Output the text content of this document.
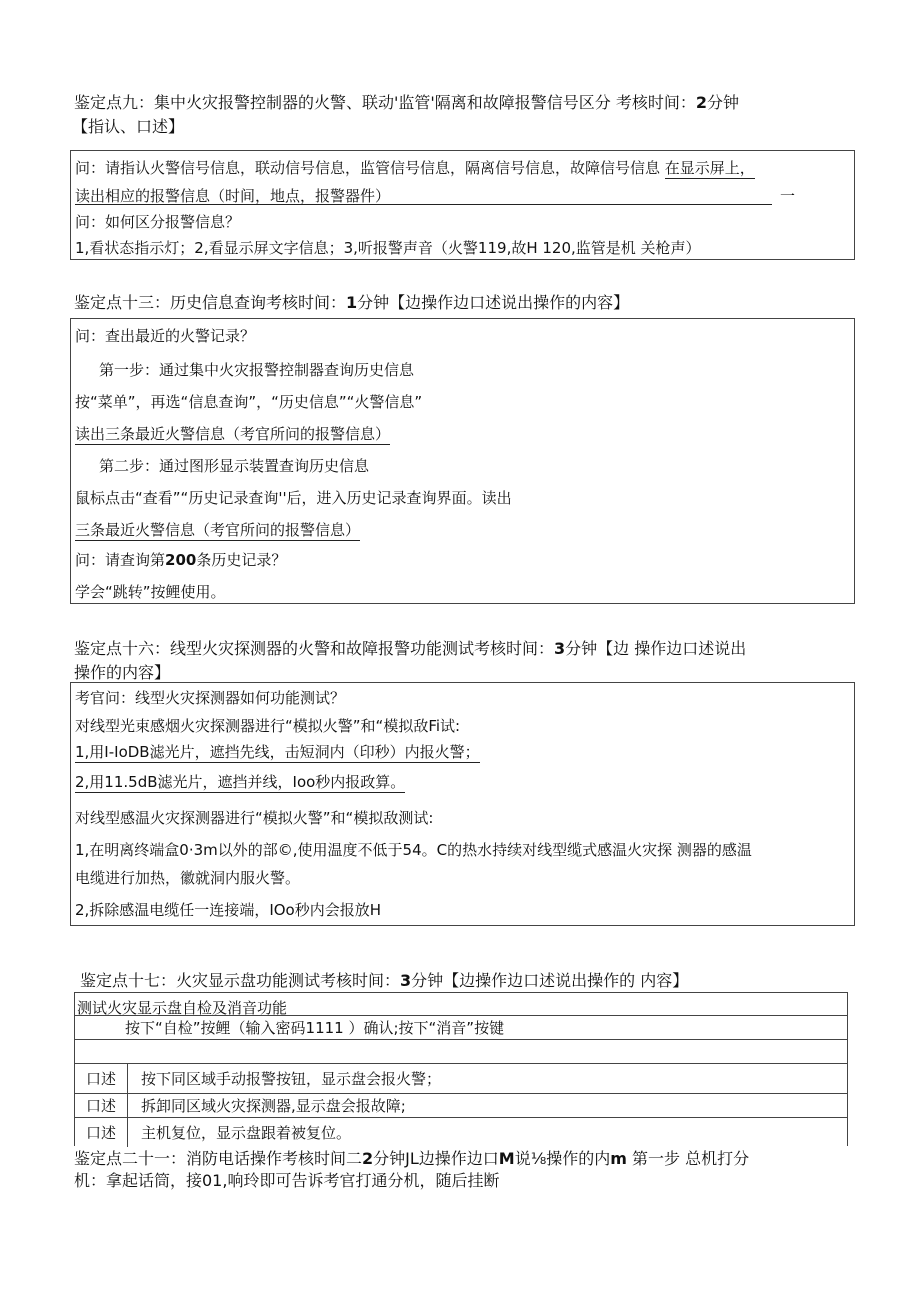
鉴定点九：集中火灾报警控制器的火警、联动'监管'隔离和故障报警信号区分 考核时间：2分钟
【指认、口述】
问：请指认火警信号信息，联动信号信息，监管信号信息，隔离信号信息，故障信号信息 在显示屏上，
读出相应的报警信息（时间，地点，报警器件）	一
问：如何区分报警信息？
1,看状态指示灯；2,看显示屏文字信息；3,听报警声音（火警119,故H 120,监管是机 关枪声）
鉴定点十三：历史信息查询考核时间：1分钟【边操作边口述说出操作的内容】
问：查出最近的火警记录？
第一步：通过集中火灾报警控制器查询历史信息
按“菜单”，再选“信息查询”，“历史信息”“火警信息”
读出三条最近火警信息（考官所问的报警信息）
第二步：通过图形显示装置查询历史信息
鼠标点击“查看”“历史记录查询''后，进入历史记录查询界面。读出
三条最近火警信息（考官所问的报警信息）
问：请查询第200条历史记录？
学会“跳转”按鲤使用。
鉴定点十六：线型火灾探测器的火警和故障报警功能测试考核时间：3分钟【边 操作边口述说出
操作的内容】
考官问：线型火灾探测器如何功能测试？
对线型光束感烟火灾探测器进行“模拟火警”和“模拟敌Fi试:
1,用I-IoDB滤光片，遮挡先线，击短洞内（印秒）内报火警；
2,用11.5dB滤光片，遮挡并线，Ioo秒内报政算。
对线型感温火灾探测器进行“模拟火警”和“模拟敌测试:
1,在明离终端盒0·3m以外的部©,使用温度不低于54。C的热水持续对线型缆式感温火灾探 测器的感温
电缆进行加热，徽就洞内服火警。
2,拆除感温电缆任一连接端，IOo秒内会报放H
鉴定点十七：火灾显示盘功能测试考核时间：3分钟【边操作边口述说出操作的 内容】
测试火灾显示盘自检及消音功能
按下“自检”按鲤（输入密码1111 ）确认;按下“消音”按键
口述	按下同区域手动报警按钮，显示盘会报火警；
口述	拆卸同区域火灾探测器,显示盘会报故障;
口述	主机复位，显示盘跟着被复位。
鉴定点二十一：消防电话操作考核时间二2分钟JL边操作边口M说⅛操作的内m 第一步 总机打分
机：拿起话筒，接01,响玲即可告诉考官打通分机，随后挂断
